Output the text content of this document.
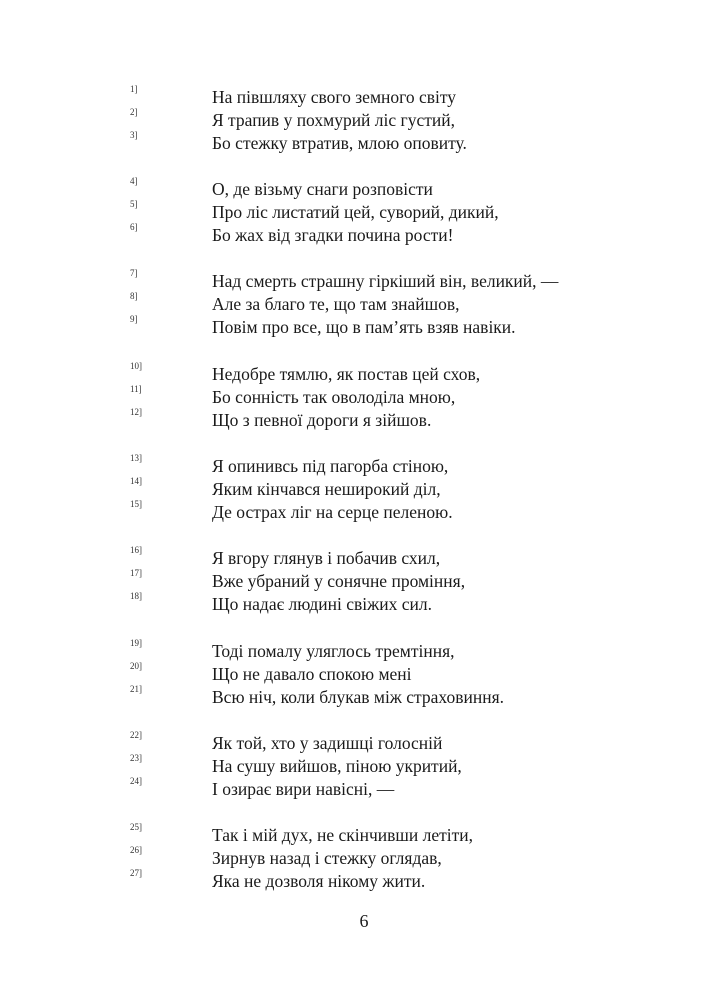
1]	На півшляху свого земного світу
2]	Я трапив у похмурий ліс густий,
3]	Бо стежку втратив, млою оповиту.
4]	О, де візьму снаги розповісти
5]	Про ліс листатий цей, суворий, дикий,
6]	Бо жах від згадки починa рости!
7]	Над смерть страшну гіркіший він, великий, —
8]	Але за благо те, що там знайшов,
9]	Повім про все, що в пам’ять взяв навіки.
10]	Недобре тямлю, як постав цей схов,
11]	Бо сонність так оволоділа мною,
12]	Що з певної дороги я зійшов.
13]	Я опинивсь під пагорба стіною,
14]	Яким кінчався неширокий діл,
15]	Де острах ліг на серце пеленою.
16]	Я вгору глянув і побачив схил,
17]	Вже убраний у сонячне проміння,
18]	Що надає людині свіжих сил.
19]	Тоді помалу уляглось тремтіння,
20]	Що не давало спокою мені
21]	Всю ніч, коли блукав між страховиння.
22]	Як той, хто у задишці голосній
23]	На сушу вийшов, піною укритий,
24]	І озирає вири навісні, —
25]	Так і мій дух, не скінчивши летіти,
26]	Зирнув назад і стежку оглядав,
27]	Яка не дозволя нікому жити.
6
